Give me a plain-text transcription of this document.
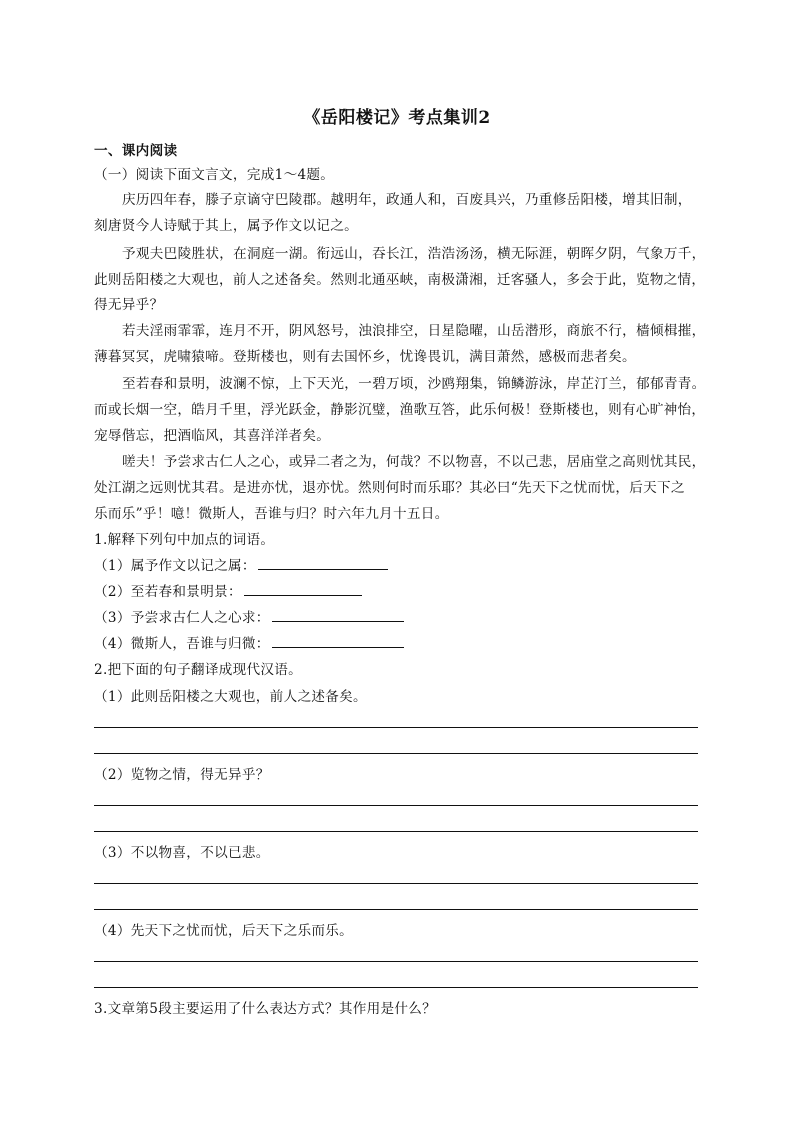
《岳阳楼记》考点集训2
一、课内阅读
（一）阅读下面文言文，完成1～4题。
庆历四年春，滕子京谪守巴陵郡。越明年，政通人和，百废具兴，乃重修岳阳楼，增其旧制，
刻唐贤今人诗赋于其上，属予作文以记之。
予观夫巴陵胜状，在洞庭一湖。衔远山，吞长江，浩浩汤汤，横无际涯，朝晖夕阴，气象万千，
此则岳阳楼之大观也，前人之述备矣。然则北通巫峡，南极潇湘，迁客骚人，多会于此，览物之情，
得无异乎？
若夫淫雨霏霏，连月不开，阴风怒号，浊浪排空，日星隐曜，山岳潜形，商旅不行，樯倾楫摧，
薄暮冥冥，虎啸猿啼。登斯楼也，则有去国怀乡，忧谗畏讥，满目萧然，感极而悲者矣。
至若春和景明，波澜不惊，上下天光，一碧万顷，沙鸥翔集，锦鳞游泳，岸芷汀兰，郁郁青青。
而或长烟一空，皓月千里，浮光跃金，静影沉璧，渔歌互答，此乐何极！登斯楼也，则有心旷神怡，
宠辱偕忘，把酒临风，其喜洋洋者矣。
嗟夫！予尝求古仁人之心，或异二者之为，何哉？不以物喜，不以己悲，居庙堂之高则忧其民，
处江湖之远则忧其君。是进亦忧，退亦忧。然则何时而乐耶？其必曰“先天下之忧而忧，后天下之
乐而乐”乎！噫！微斯人，吾谁与归？时六年九月十五日。
1.解释下列句中加点的词语。
（1）属予作文以记之属：
（2）至若春和景明景：
（3）予尝求古仁人之心求：
（4）微斯人，吾谁与归微：
2.把下面的句子翻译成现代汉语。
（1）此则岳阳楼之大观也，前人之述备矣。
（2）览物之情，得无异乎？
（3）不以物喜，不以已悲。
（4）先天下之忧而忧，后天下之乐而乐。
3.文章第5段主要运用了什么表达方式？其作用是什么？
